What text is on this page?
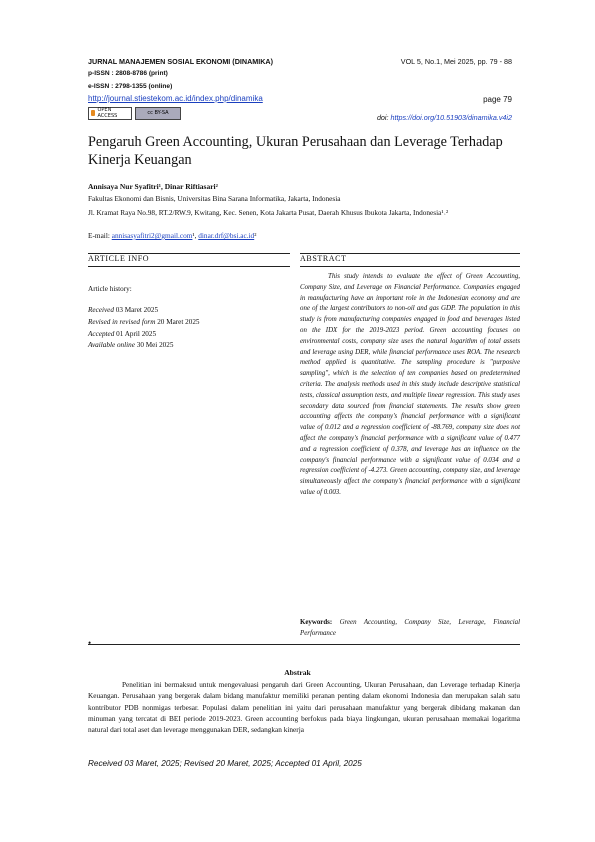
JURNAL MANAJEMEN SOSIAL EKONOMI (DINAMIKA)	VOL 5, No.1, Mei 2025, pp. 79 - 88
p-ISSN : 2808-8786 (print)
e-ISSN : 2798-1355 (online)
http://journal.stiestekom.ac.id/index.php/dinamika	page 79
OPEN ACCESS	cc BY-SA	doi: https://doi.org/10.51903/dinamika.v4i2
Pengaruh Green Accounting, Ukuran Perusahaan dan Leverage Terhadap Kinerja Keuangan
Annisaya Nur Syafitri¹, Dinar Riftiasari²
Fakultas Ekonomi dan Bisnis, Universitas Bina Sarana Informatika, Jakarta, Indonesia
Jl. Kramat Raya No.98, RT.2/RW.9, Kwitang, Kec. Senen, Kota Jakarta Pusat, Daerah Khusus Ibukota Jakarta, Indonesia¹˒²
E-mail: annisasyafitri2@gmail.com¹, dinar.drf@bsi.ac.id²
ARTICLE INFO	ABSTRACT
Article history:
Received 03 Maret 2025
Revised in revised form 20 Maret 2025
Accepted 01 April 2025
Available online 30 Mei 2025
This study intends to evaluate the effect of Green Accounting, Company Size, and Leverage on Financial Performance. Companies engaged in manufacturing have an important role in the Indonesian economy and are one of the largest contributors to non-oil and gas GDP. The population in this study is from manufacturing companies engaged in food and beverages listed on the IDX for the 2019-2023 period. Green accounting focuses on environmental costs, company size uses the natural logarithm of total assets and leverage using DER, while financial performance uses ROA. The research method applied is quantitative. The sampling procedure is "purposive sampling", which is the selection of ten companies based on predetermined criteria. The analysis methods used in this study include descriptive statistical tests, classical assumption tests, and multiple linear regression. This study uses secondary data sourced from financial statements. The results show green accounting affects the company's financial performance with a significant value of 0.012 and a regression coefficient of -88.769, company size does not affect the company's financial performance with a significant value of 0.477 and a regression coefficient of 0.378, and leverage has an influence on the company's financial performance with a significant value of 0.034 and a regression coefficient of -4.273. Green accounting, company size, and leverage simultaneously affect the company's financial performance with a significant value of 0.003.
Keywords: Green Accounting, Company Size, Leverage, Financial Performance
•
Abstrak
Penelitian ini bermaksud untuk mengevaluasi pengaruh dari Green Accounting, Ukuran Perusahaan, dan Leverage terhadap Kinerja Keuangan. Perusahaan yang bergerak dalam bidang manufaktur memiliki peranan penting dalam ekonomi Indonesia dan merupakan salah satu kontributor PDB nonmigas terbesar. Populasi dalam penelitian ini yaitu dari perusahaan manufaktur yang bergerak dibidang makanan dan minuman yang tercatat di BEI periode 2019-2023. Green accounting berfokus pada biaya lingkungan, ukuran perusahaan memakai logaritma natural dari total aset dan leverage menggunakan DER, sedangkan kinerja
Received 03 Maret, 2025; Revised 20 Maret, 2025; Accepted 01 April, 2025
